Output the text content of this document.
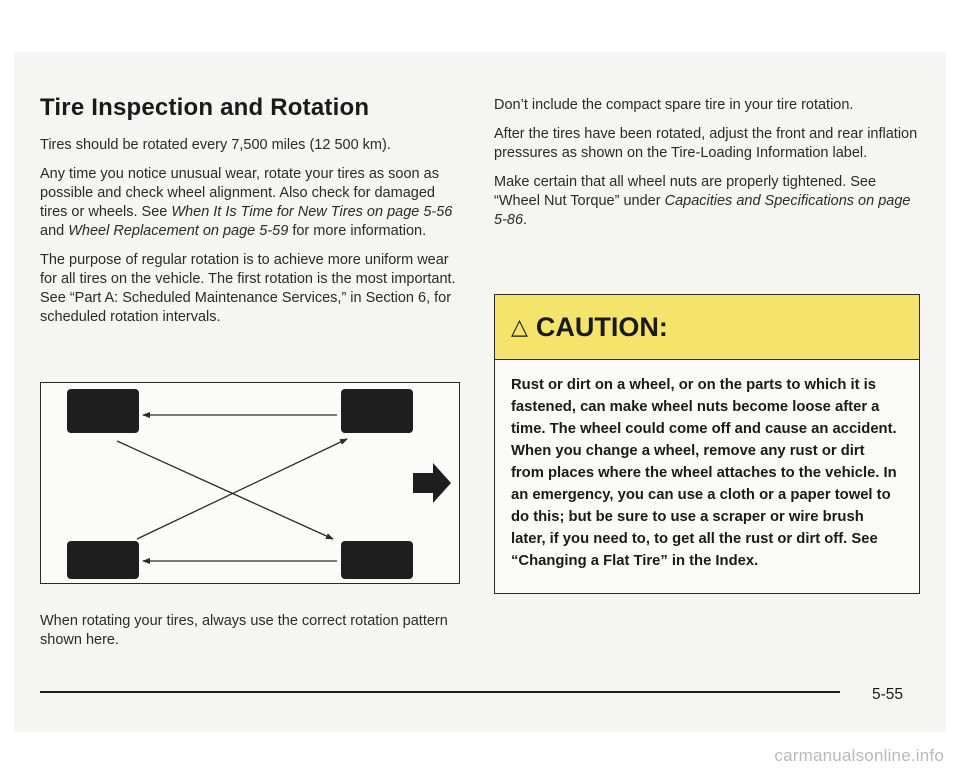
Tire Inspection and Rotation

Tires should be rotated every 7,500 miles (12 500 km).

Any time you notice unusual wear, rotate your tires as soon as possible and check wheel alignment. Also check for damaged tires or wheels. See When It Is Time for New Tires on page 5-56 and Wheel Replacement on page 5-59 for more information.

The purpose of regular rotation is to achieve more uniform wear for all tires on the vehicle. The first rotation is the most important. See “Part A: Scheduled Maintenance Services,” in Section 6, for scheduled rotation intervals.

When rotating your tires, always use the correct rotation pattern shown here.

Don’t include the compact spare tire in your tire rotation.

After the tires have been rotated, adjust the front and rear inflation pressures as shown on the Tire-Loading Information label.

Make certain that all wheel nuts are properly tightened. See “Wheel Nut Torque” under Capacities and Specifications on page 5-86.

△ CAUTION:
Rust or dirt on a wheel, or on the parts to which it is fastened, can make wheel nuts become loose after a time. The wheel could come off and cause an accident. When you change a wheel, remove any rust or dirt from places where the wheel attaches to the vehicle. In an emergency, you can use a cloth or a paper towel to do this; but be sure to use a scraper or wire brush later, if you need to, to get all the rust or dirt off. See “Changing a Flat Tire” in the Index.
5-55
carmanualsonline.info
